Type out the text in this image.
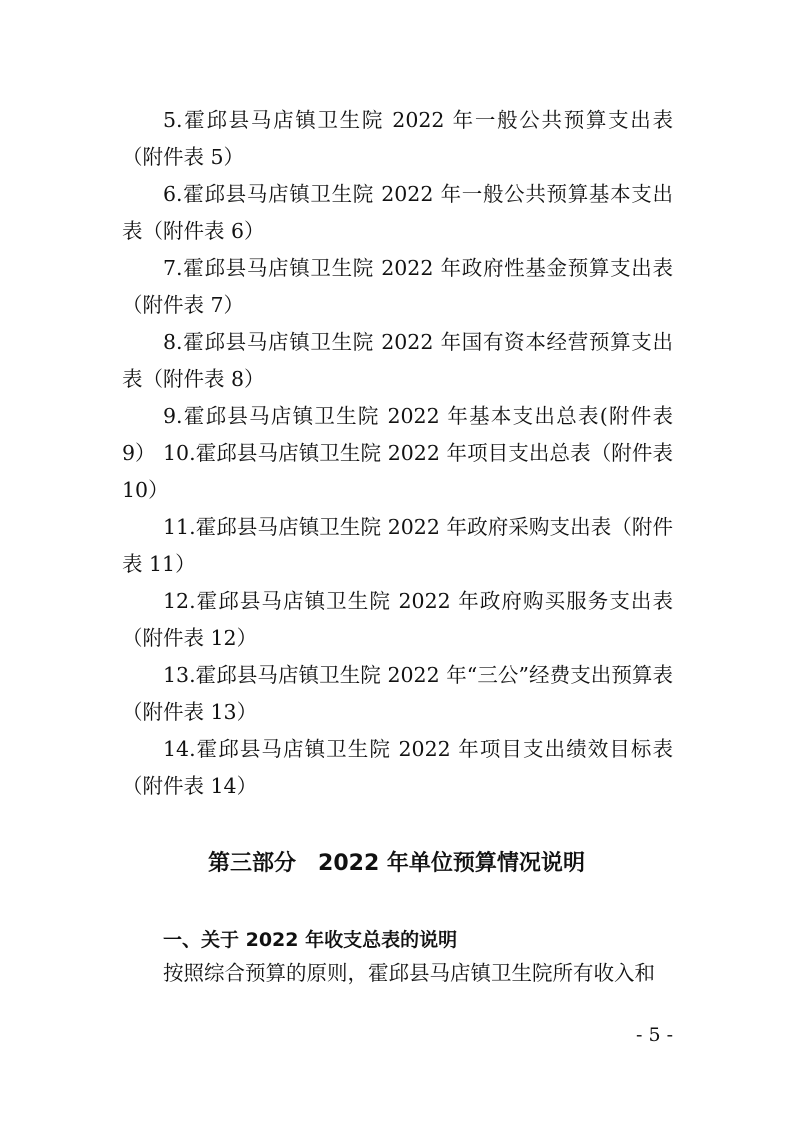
5.霍邱县马店镇卫生院 2022 年一般公共预算支出表（附件表 5）
6.霍邱县马店镇卫生院 2022 年一般公共预算基本支出表（附件表 6）
7.霍邱县马店镇卫生院 2022 年政府性基金预算支出表（附件表 7）
8.霍邱县马店镇卫生院 2022 年国有资本经营预算支出表（附件表 8）
9.霍邱县马店镇卫生院 2022 年基本支出总表(附件表 9） 10.霍邱县马店镇卫生院 2022 年项目支出总表（附件表 10）
11.霍邱县马店镇卫生院 2022 年政府采购支出表（附件表 11）
12.霍邱县马店镇卫生院 2022 年政府购买服务支出表（附件表 12）
13.霍邱县马店镇卫生院 2022 年“三公”经费支出预算表（附件表 13）
14.霍邱县马店镇卫生院 2022 年项目支出绩效目标表（附件表 14）
第三部分　2022 年单位预算情况说明
一、关于 2022 年收支总表的说明
按照综合预算的原则，霍邱县马店镇卫生院所有收入和
- 5 -
